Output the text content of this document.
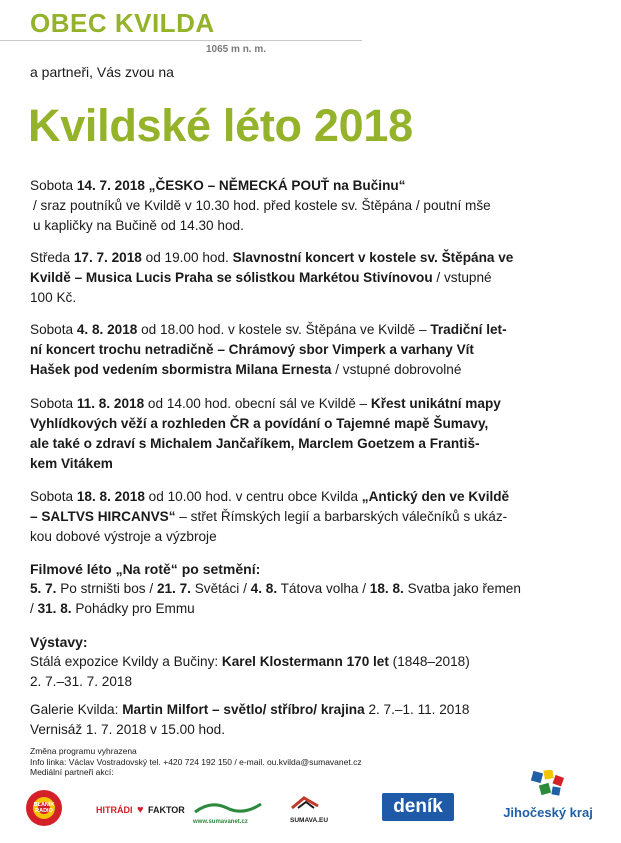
OBEC KVILDA
1065 m n. m.
a partneři, Vás zvou na
Kvildské léto 2018
Sobota 14. 7. 2018 „ČESKO – NĚMECKÁ POUŤ na Bučinu“
/ sraz poutníků ve Kvildě v 10.30 hod. před kostele sv. Štěpána / poutní mše
u kapličky na Bučině od 14.30 hod.
Středa 17. 7. 2018 od 19.00 hod. Slavnostní koncert v kostele sv. Štěpána ve
Kvildě – Musica Lucis Praha se sólistkou Markétou Stivínovou / vstupné
100 Kč.
Sobota 4. 8. 2018 od 18.00 hod. v kostele sv. Štěpána ve Kvildě – Tradiční let-
ní koncert trochu netradičně – Chrámový sbor Vimperk a varhany Vít
Hašek pod vedením sbormistra Milana Ernesta / vstupné dobrovolné
Sobota 11. 8. 2018 od 14.00 hod. obecní sál ve Kvildě – Křest unikátní mapy
Vyhlídkových věží a rozhleden ČR a povídání o Tajemné mapě Šumavy,
ale také o zdraví s Michalem Jančaříkem, Marclem Goetzem a Františ-
kem Vitákem
Sobota 18. 8. 2018 od 10.00 hod. v centru obce Kvilda „Antický den ve Kvildě
– SALTVS HIRCANVS“ – střet Římských legií a barbarských válečníků s ukáz-
kou dobové výstroje a výzbroje
Filmové léto „Na rotě“ po setmění:
5. 7. Po strništi bos / 21. 7. Světáci / 4. 8. Tátova volha / 18. 8. Svatba jako řemen
/ 31. 8. Pohádky pro Emmu
Výstavy:
Stálá expozice Kvildy a Bučiny: Karel Klostermann 170 let (1848–2018)
2. 7.–31. 7. 2018
Galerie Kvilda: Martin Milfort – světlo/ stříbro/ krajina 2. 7.–1. 11. 2018
Vernisáž 1. 7. 2018 v 15.00 hod.
Změna programu vyhrazena
Info linka: Václav Vostradovský tel. +420 724 192 150 / e-mail. ou.kvilda@sumavanet.cz
Mediální partneři akcí:
BLANÍK RADIO	HITRÁDI ♥ FAKTOR
www.sumavanet.cz	SUMAVA.EU
deník	Jihočeský kraj
